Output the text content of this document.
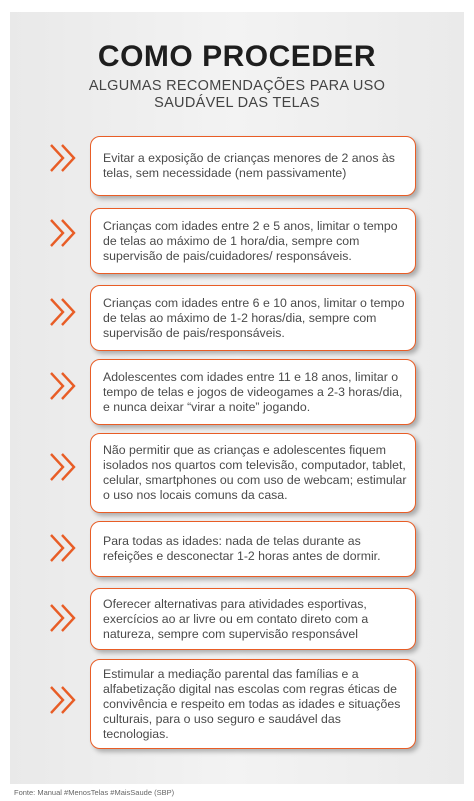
COMO PROCEDER
ALGUMAS RECOMENDAÇÕES PARA USO
SAUDÁVEL DAS TELAS
Evitar a exposição de crianças menores de 2 anos às telas, sem necessidade (nem passivamente)
Crianças com idades entre 2 e 5 anos, limitar o tempo de telas ao máximo de 1 hora/dia, sempre com supervisão de pais/cuidadores/ responsáveis.
Crianças com idades entre 6 e 10 anos, limitar o tempo de telas ao máximo de 1-2 horas/dia, sempre com supervisão de pais/responsáveis.
Adolescentes com idades entre 11 e 18 anos, limitar o tempo de telas e jogos de videogames a 2-3 horas/dia, e nunca deixar “virar a noite” jogando.
Não permitir que as crianças e adolescentes fiquem isolados nos quartos com televisão, computador, tablet, celular, smartphones ou com uso de webcam; estimular o uso nos locais comuns da casa.
Para todas as idades: nada de telas durante as refeições e desconectar 1-2 horas antes de dormir.
Oferecer alternativas para atividades esportivas, exercícios ao ar livre ou em contato direto com a natureza, sempre com supervisão responsável
Estimular a mediação parental das famílias e a alfabetização digital nas escolas com regras éticas de convivência e respeito em todas as idades e situações culturais, para o uso seguro e saudável das tecnologias.
Fonte: Manual #MenosTelas #MaisSaude (SBP)
